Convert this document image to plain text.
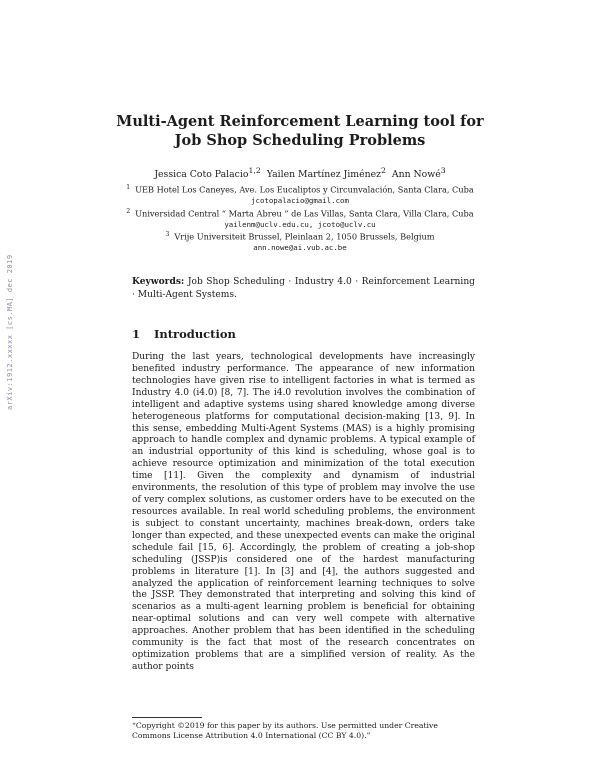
arXiv:1912.xxxxx [cs.MA] dec 2019
Multi-Agent Reinforcement Learning tool for
Job Shop Scheduling Problems
Jessica Coto Palacio$^{1,2}$ Yailen Martínez Jiménez$^2$ Ann Nowé$^3$
$^1$ UEB Hotel Los Caneyes, Ave. Los Eucaliptos y Circunvalación, Santa Clara, Cuba
jcotopalacio@gmail.com
$^2$ Universidad Central “ Marta Abreu ” de Las Villas, Santa Clara, Villa Clara, Cuba
yailenm@uclv.edu.cu, jcoto@uclv.cu
$^3$ Vrije Universiteit Brussel, Pleinlaan 2, 1050 Brussels, Belgium
ann.nowe@ai.vub.ac.be
Keywords: Job Shop Scheduling · Industry 4.0 · Reinforcement Learning · Multi-Agent Systems.
1 Introduction
During the last years, technological developments have increasingly benefited industry performance. The appearance of new information technologies have given rise to intelligent factories in what is termed as Industry 4.0 (i4.0) [8, 7]. The i4.0 revolution involves the combination of intelligent and adaptive systems using shared knowledge among diverse heterogeneous platforms for computational decision-making [13, 9]. In this sense, embedding Multi-Agent Systems (MAS) is a highly promising approach to handle complex and dynamic problems. A typical example of an industrial opportunity of this kind is scheduling, whose goal is to achieve resource optimization and minimization of the total execution time [11]. Given the complexity and dynamism of industrial environments, the resolution of this type of problem may involve the use of very complex solutions, as customer orders have to be executed on the resources available. In real world scheduling problems, the environment is subject to constant uncertainty, machines break-down, orders take longer than expected, and these unexpected events can make the original schedule fail [15, 6]. Accordingly, the problem of creating a job-shop scheduling (JSSP)is considered one of the hardest manufacturing problems in literature [1]. In [3] and [4], the authors suggested and analyzed the application of reinforcement learning techniques to solve the JSSP. They demonstrated that interpreting and solving this kind of scenarios as a multi-agent learning problem is beneficial for obtaining near-optimal solutions and can very well compete with alternative approaches. Another problem that has been identified in the scheduling community is the fact that most of the research concentrates on optimization problems that are a simplified version of reality. As the author points
“Copyright ©2019 for this paper by its authors. Use permitted under Creative Commons License Attribution 4.0 International (CC BY 4.0).”
